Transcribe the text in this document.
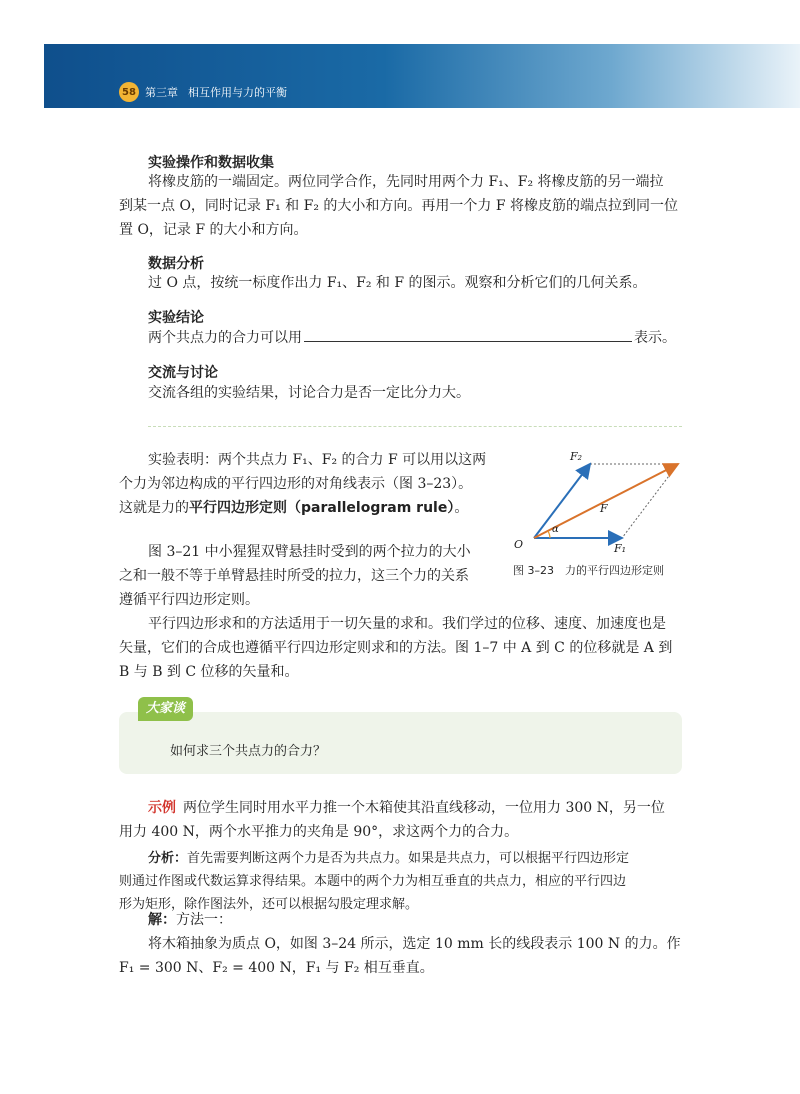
58 第三章 相互作用与力的平衡
实验操作和数据收集
将橡皮筋的一端固定。两位同学合作，先同时用两个力 F₁、F₂ 将橡皮筋的另一端拉
到某一点 O，同时记录 F₁ 和 F₂ 的大小和方向。再用一个力 F 将橡皮筋的端点拉到同一位
置 O，记录 F 的大小和方向。
数据分析
过 O 点，按统一标度作出力 F₁、F₂ 和 F 的图示。观察和分析它们的几何关系。
实验结论
两个共点力的合力可以用	表示。
交流与讨论
交流各组的实验结果，讨论合力是否一定比分力大。
实验表明：两个共点力 F₁、F₂ 的合力 F 可以用以这两
个力为邻边构成的平行四边形的对角线表示（图 3–23）。
这就是力的平行四边形定则（parallelogram rule）。
图 3–21 中小猩猩双臂悬挂时受到的两个拉力的大小
之和一般不等于单臂悬挂时所受的拉力，这三个力的关系
遵循平行四边形定则。
平行四边形求和的方法适用于一切矢量的求和。我们学过的位移、速度、加速度也是
矢量，它们的合成也遵循平行四边形定则求和的方法。图 1–7 中 A 到 C 的位移就是 A 到
B 与 B 到 C 位移的矢量和。
O	F₁
F₂
F
α
图 3–23　力的平行四边形定则
大家谈
如何求三个共点力的合力？
示例  两位学生同时用水平力推一个木箱使其沿直线移动，一位用力 300 N，另一位
用力 400 N，两个水平推力的夹角是 90°，求这两个力的合力。
分析：首先需要判断这两个力是否为共点力。如果是共点力，可以根据平行四边形定
则通过作图或代数运算求得结果。本题中的两个力为相互垂直的共点力，相应的平行四边
形为矩形，除作图法外，还可以根据勾股定理求解。
解：方法一：
将木箱抽象为质点 O，如图 3–24 所示，选定 10 mm 长的线段表示 100 N 的力。作
F₁ = 300 N、F₂ = 400 N，F₁ 与 F₂ 相互垂直。
